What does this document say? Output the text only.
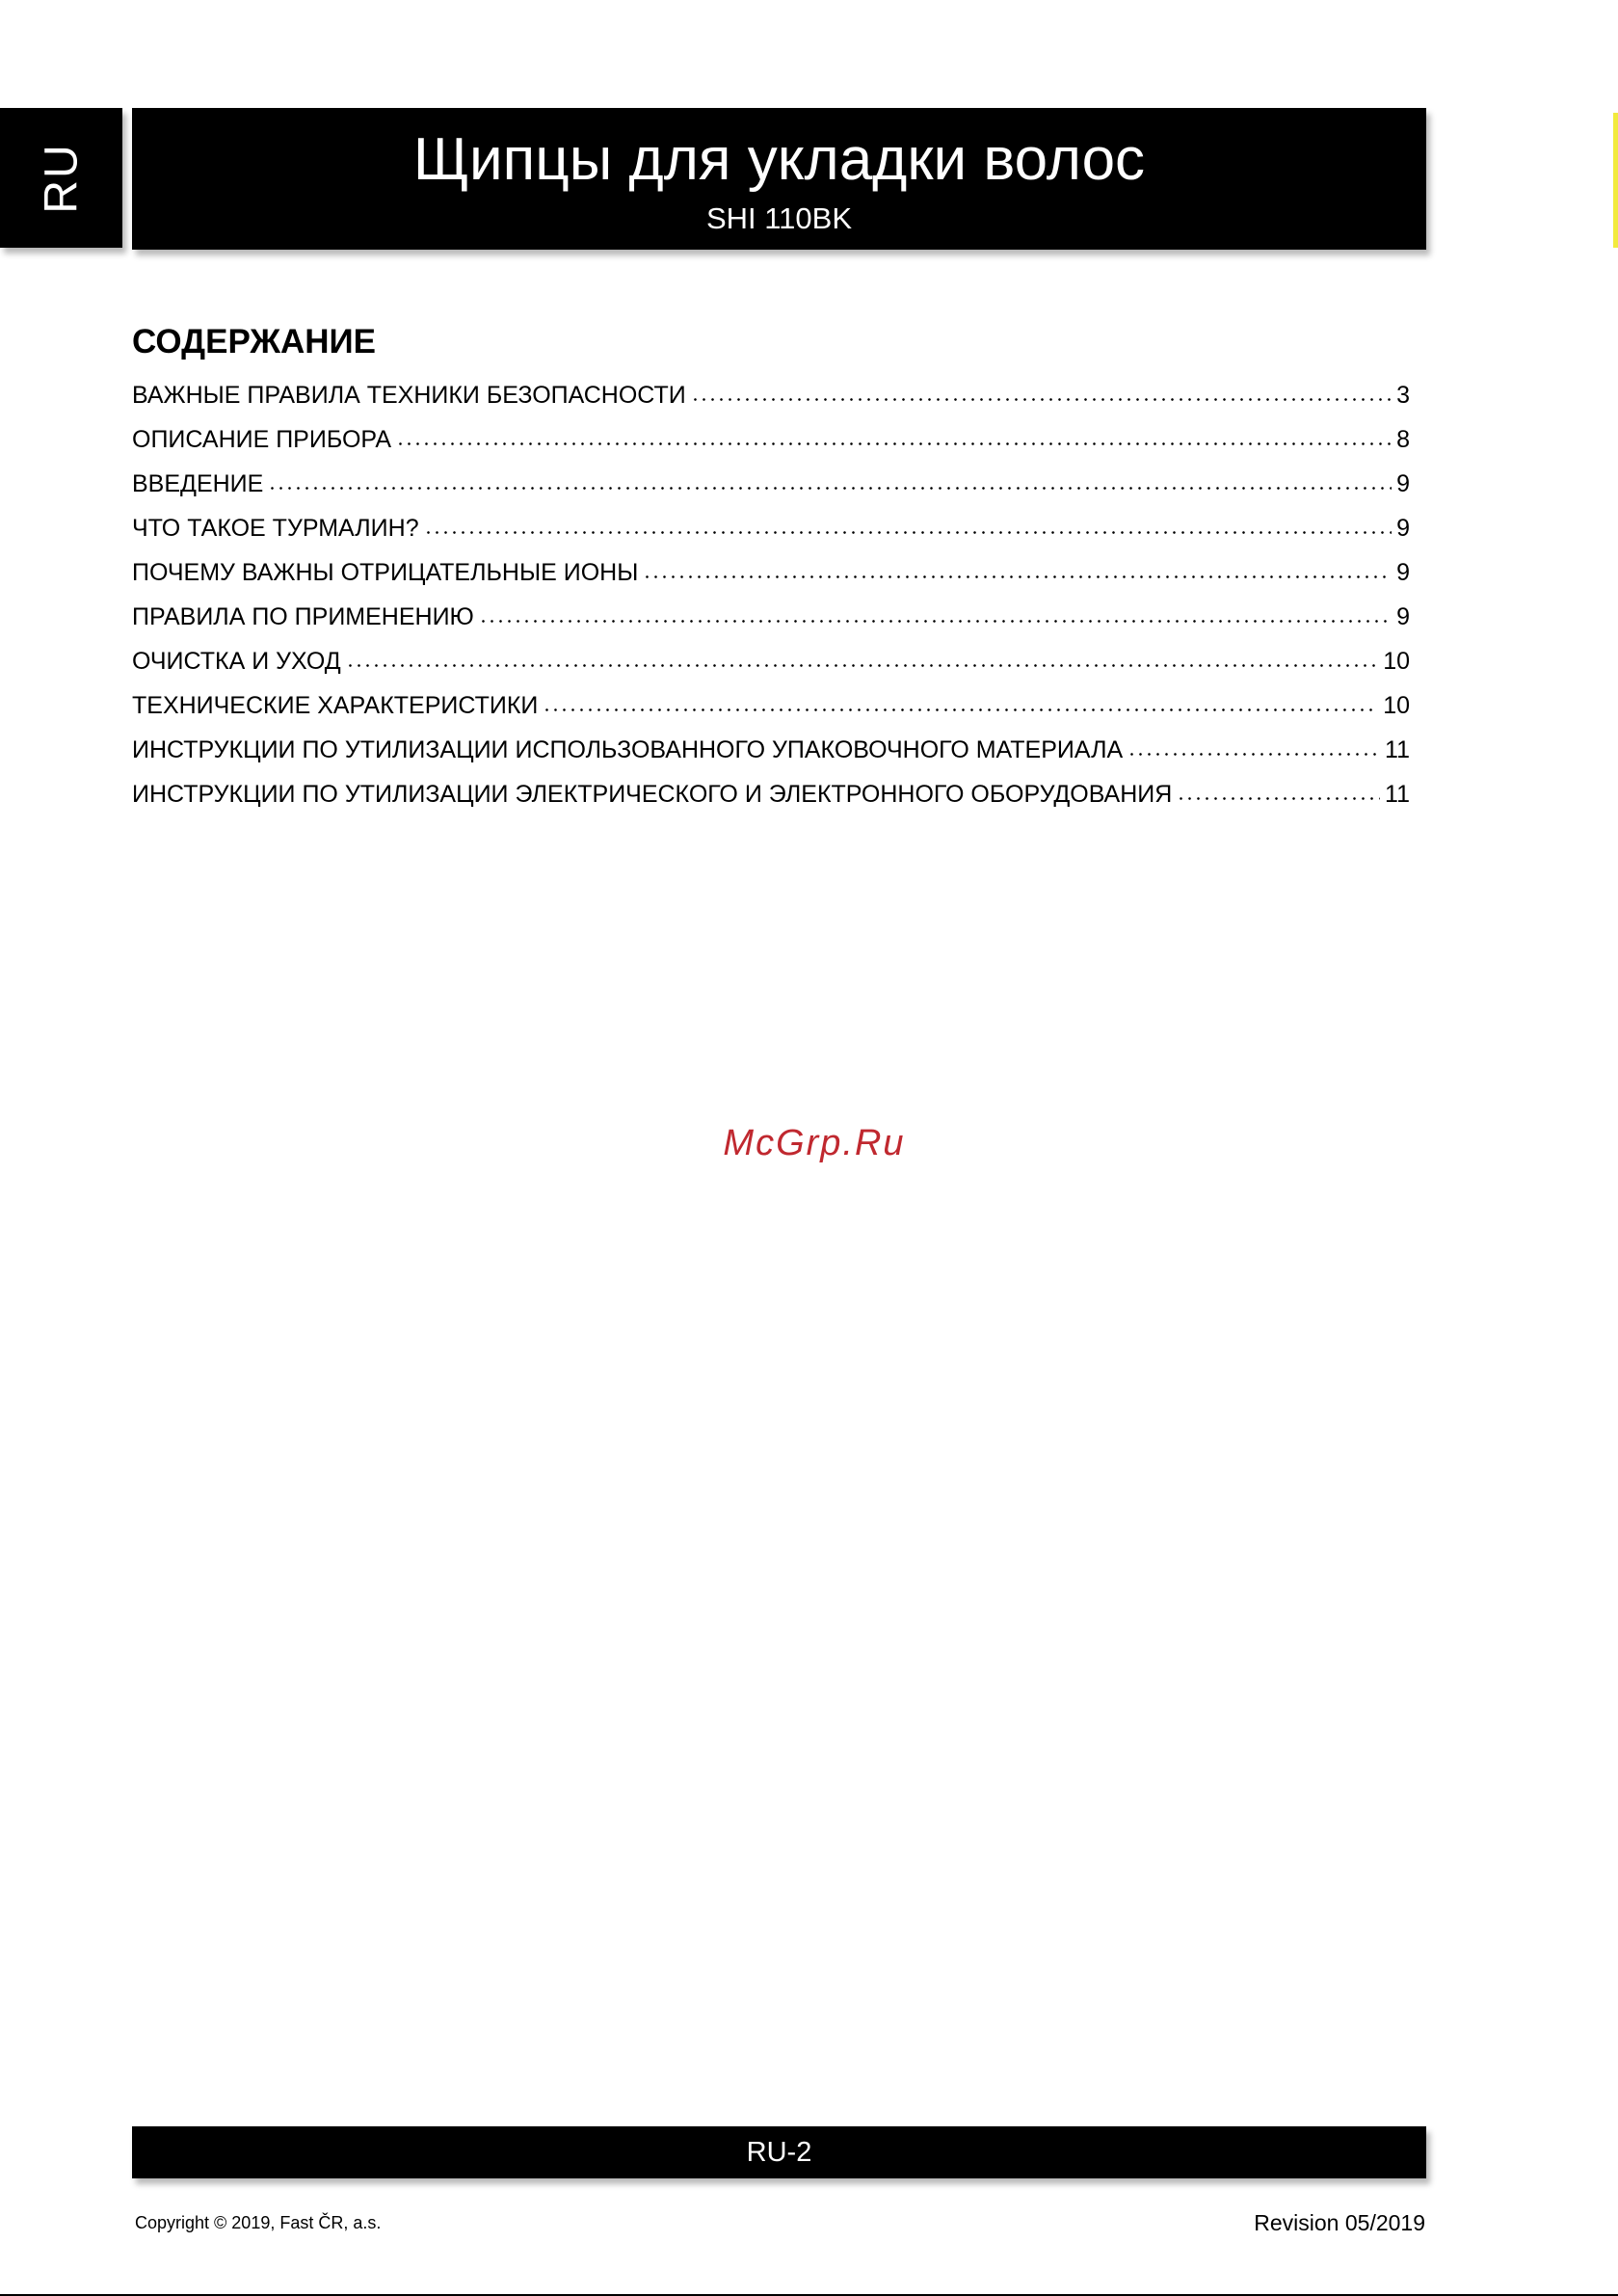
RU	Щипцы для укладки волос
SHI 110BK
СОДЕРЖАНИЕ
ВАЖНЫЕ ПРАВИЛА ТЕХНИКИ БЕЗОПАСНОСТИ	3
ОПИСАНИЕ ПРИБОРА	8
ВВЕДЕНИЕ	9
ЧТО ТАКОЕ ТУРМАЛИН?	9
ПОЧЕМУ ВАЖНЫ ОТРИЦАТЕЛЬНЫЕ ИОНЫ	9
ПРАВИЛА ПО ПРИМЕНЕНИЮ	9
ОЧИСТКА И УХОД	10
ТЕХНИЧЕСКИЕ ХАРАКТЕРИСТИКИ	10
ИНСТРУКЦИИ ПО УТИЛИЗАЦИИ ИСПОЛЬЗОВАННОГО УПАКОВОЧНОГО МАТЕРИАЛА	11
ИНСТРУКЦИИ ПО УТИЛИЗАЦИИ ЭЛЕКТРИЧЕСКОГО И ЭЛЕКТРОННОГО ОБОРУДОВАНИЯ	11
McGrp.Ru
RU-2
Copyright © 2019, Fast ČR, a.s.	Revision 05/2019
